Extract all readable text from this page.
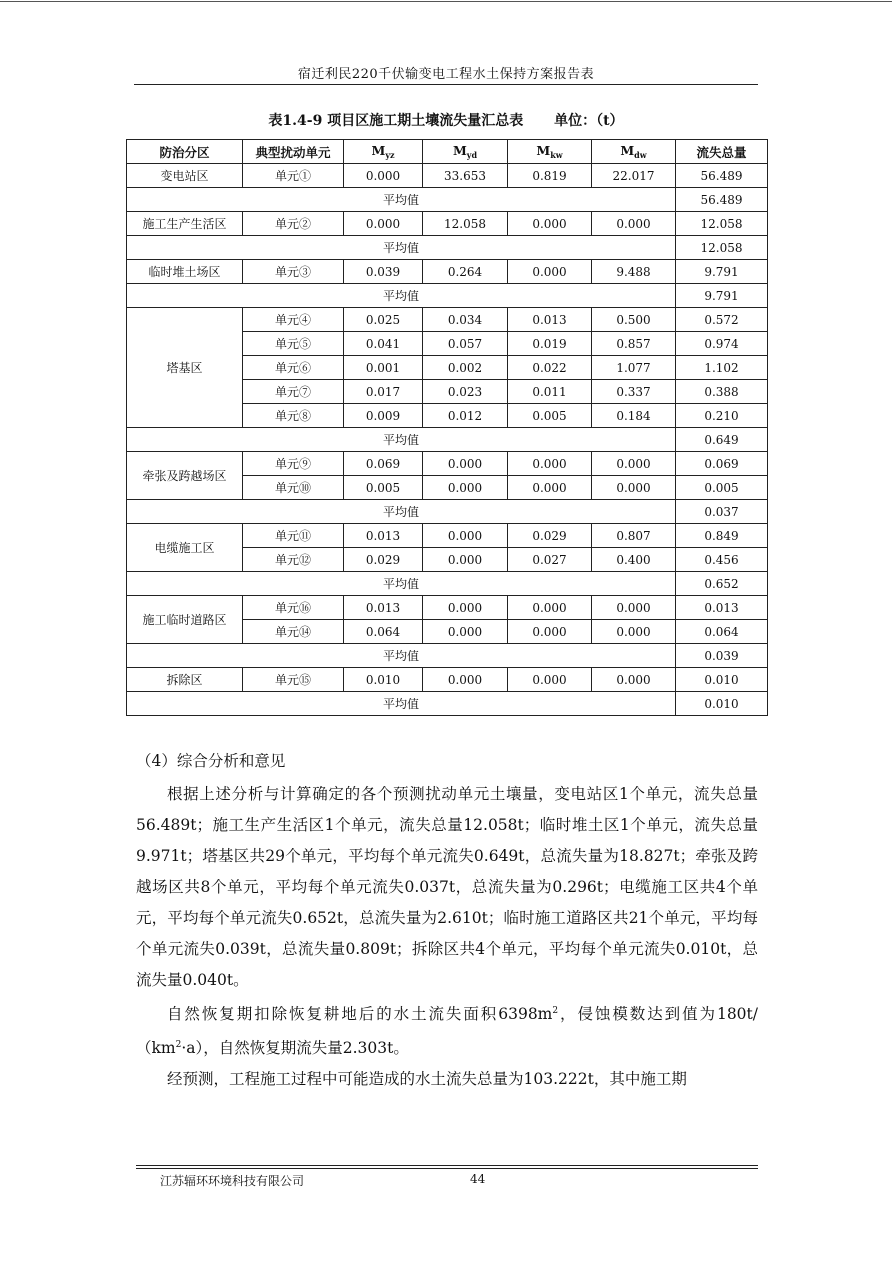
宿迁利民220千伏输变电工程水土保持方案报告表
表1.4-9 项目区施工期土壤流失量汇总表 单位：（t）
防治分区	典型扰动单元	$M_{yz}$	$M_{yd}$	$M_{kw}$	$M_{dw}$	流失总量
变电站区	单元①	0.000	33.653	0.819	22.017	56.489
平均值						56.489
施工生产生活区	单元②	0.000	12.058	0.000	0.000	12.058
平均值						12.058
临时堆土场区	单元③	0.039	0.264	0.000	9.488	9.791
平均值						9.791
塔基区	单元④	0.025	0.034	0.013	0.500	0.572
	单元⑤	0.041	0.057	0.019	0.857	0.974
	单元⑥	0.001	0.002	0.022	1.077	1.102
	单元⑦	0.017	0.023	0.011	0.337	0.388
	单元⑧	0.009	0.012	0.005	0.184	0.210
平均值						0.649
牵张及跨越场区	单元⑨	0.069	0.000	0.000	0.000	0.069
	单元⑩	0.005	0.000	0.000	0.000	0.005
平均值						0.037
电缆施工区	单元⑪	0.013	0.000	0.029	0.807	0.849
	单元⑫	0.029	0.000	0.027	0.400	0.456
平均值						0.652
施工临时道路区	单元⑯	0.013	0.000	0.000	0.000	0.013
	单元⑭	0.064	0.000	0.000	0.000	0.064
平均值						0.039
拆除区	单元⑮	0.010	0.000	0.000	0.000	0.010
平均值						0.010

（4）综合分析和意见

根据上述分析与计算确定的各个预测扰动单元土壤量，变电站区1个单元，流失总量56.489t；施工生产生活区1个单元，流失总量12.058t；临时堆土区1个单元，流失总量9.971t；塔基区共29个单元，平均每个单元流失0.649t，总流失量为18.827t；牵张及跨越场区共8个单元，平均每个单元流失0.037t，总流失量为0.296t；电缆施工区共4个单元，平均每个单元流失0.652t，总流失量为2.610t；临时施工道路区共21个单元，平均每个单元流失0.039t，总流失量0.809t；拆除区共4个单元，平均每个单元流失0.010t，总流失量0.040t。

自然恢复期扣除恢复耕地后的水土流失面积$6398m^2$，侵蚀模数达到值为$180t/(km^2\cdot a)$，自然恢复期流失量2.303t。

经预测，工程施工过程中可能造成的水土流失总量为103.222t，其中施工期

江苏辐环环境科技有限公司	44
